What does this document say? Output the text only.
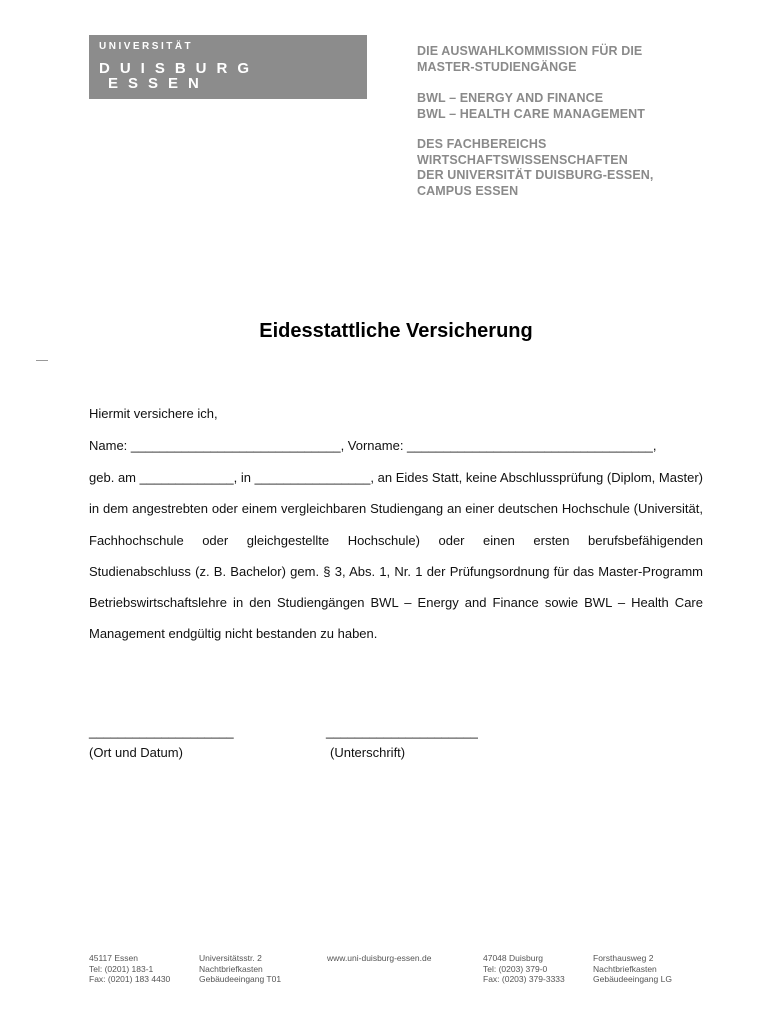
UNIVERSITÄT
DUISBURG
ESSEN
DIE AUSWAHLKOMMISSION FÜR DIE
MASTER-STUDIENGÄNGE
BWL – ENERGY AND FINANCE
BWL – HEALTH CARE MANAGEMENT
DES FACHBEREICHS
WIRTSCHAFTSWISSENSCHAFTEN
DER UNIVERSITÄT DUISBURG-ESSEN,
CAMPUS ESSEN
Eidesstattliche Versicherung
Hiermit versichere ich,
Name: _____________________________, Vorname: __________________________________,
geb. am _____________, in ________________, an Eides Statt, keine Abschlussprüfung (Diplom, Master) in dem angestrebten oder einem vergleichbaren Studiengang an einer deutschen Hochschule (Universität, Fachhochschule oder gleichgestellte Hochschule) oder einen ersten berufsbefähigenden Studienabschluss (z. B. Bachelor) gem. § 3, Abs. 1, Nr. 1 der Prüfungsordnung für das Master-Programm Betriebswirtschaftslehre in den Studiengängen BWL – Energy and Finance sowie BWL – Health Care Management endgültig nicht bestanden zu haben.
____________________	_____________________
(Ort und Datum)	(Unterschrift)
45117 Essen
Tel: (0201) 183-1
Fax: (0201) 183 4430
Universitätsstr. 2
Nachtbriefkasten
Gebäudeeingang T01
www.uni-duisburg-essen.de	47048 Duisburg
Tel: (0203) 379-0
Fax: (0203) 379-3333
Forsthausweg 2
Nachtbriefkasten
Gebäudeeingang LG
